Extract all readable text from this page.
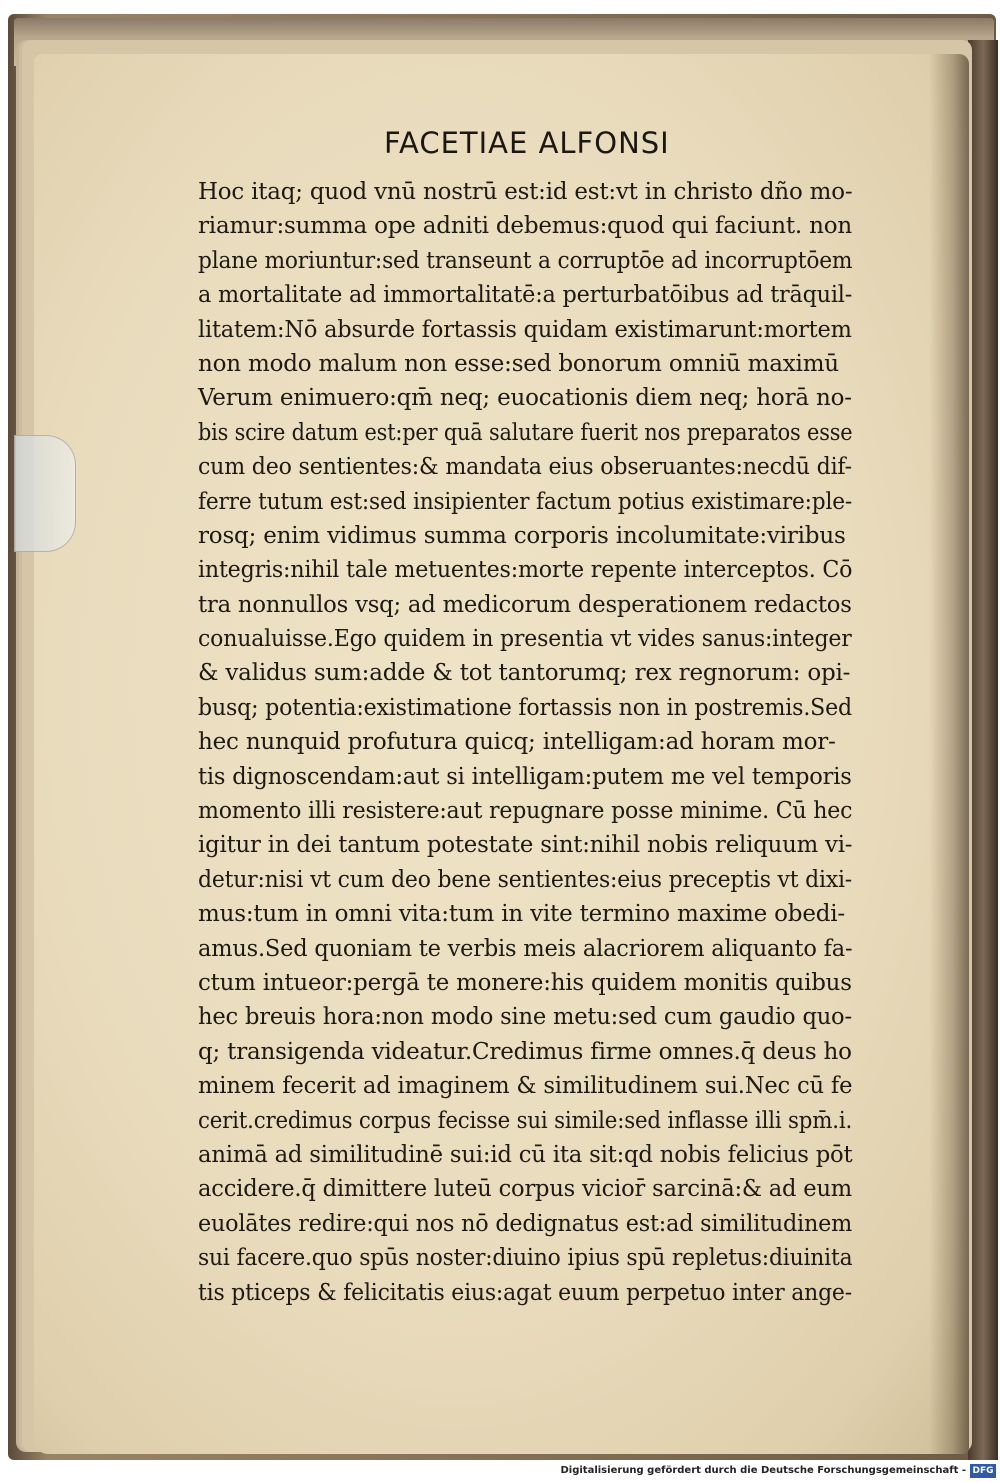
FACETIAE ALFONSI
Hoc itaq; quod vnū nostrū est:id est:vt in christo dño mo-
riamur:summa ope adniti debemus:quod qui faciunt. non
plane moriuntur:sed transeunt a corruptōe ad incorruptōem
a mortalitate ad immortalitatē:a perturbatōibus ad trāquil-
litatem:Nō absurde fortassis quidam existimarunt:mortem
non modo malum non esse:sed bonorum omniū maximū
Verum enimuero:qm̄ neq; euocationis diem neq; horā no-
bis scire datum est:per quā salutare fuerit nos preparatos esse
cum deo sentientes:& mandata eius obseruantes:necdū dif-
ferre tutum est:sed insipienter factum potius existimare:ple-
rosq; enim vidimus summa corporis incolumitate:viribus
integris:nihil tale metuentes:morte repente interceptos. Cō
tra nonnullos vsq; ad medicorum desperationem redactos
conualuisse.Ego quidem in presentia vt vides sanus:integer
& validus sum:adde & tot tantorumq; rex regnorum: opi-
busq; potentia:existimatione fortassis non in postremis.Sed
hec nunquid profutura quicq; intelligam:ad horam mor-
tis dignoscendam:aut si intelligam:putem me vel temporis
momento illi resistere:aut repugnare posse minime. Cū hec
igitur in dei tantum potestate sint:nihil nobis reliquum vi-
detur:nisi vt cum deo bene sentientes:eius preceptis vt dixi-
mus:tum in omni vita:tum in vite termino maxime obedi-
amus.Sed quoniam te verbis meis alacriorem aliquanto fa-
ctum intueor:pergā te monere:his quidem monitis quibus
hec breuis hora:non modo sine metu:sed cum gaudio quo-
q; transigenda videatur.Credimus firme omnes.q̄ deus ho
minem fecerit ad imaginem & similitudinem sui.Nec cū fe
cerit.credimus corpus fecisse sui simile:sed inflasse illi spm̄.i.
animā ad similitudinē sui:id cū ita sit:qd nobis felicius pōt
accidere.q̄ dimittere luteū corpus vicior̄ sarcinā:& ad eum
euolātes redire:qui nos nō dedignatus est:ad similitudinem
sui facere.quo spūs noster:diuino ipius spū repletus:diuinita
tis pticeps & felicitatis eius:agat euum perpetuo inter ange-
Digitalisierung gefördert durch die Deutsche Forschungsgemeinschaft - DFG
